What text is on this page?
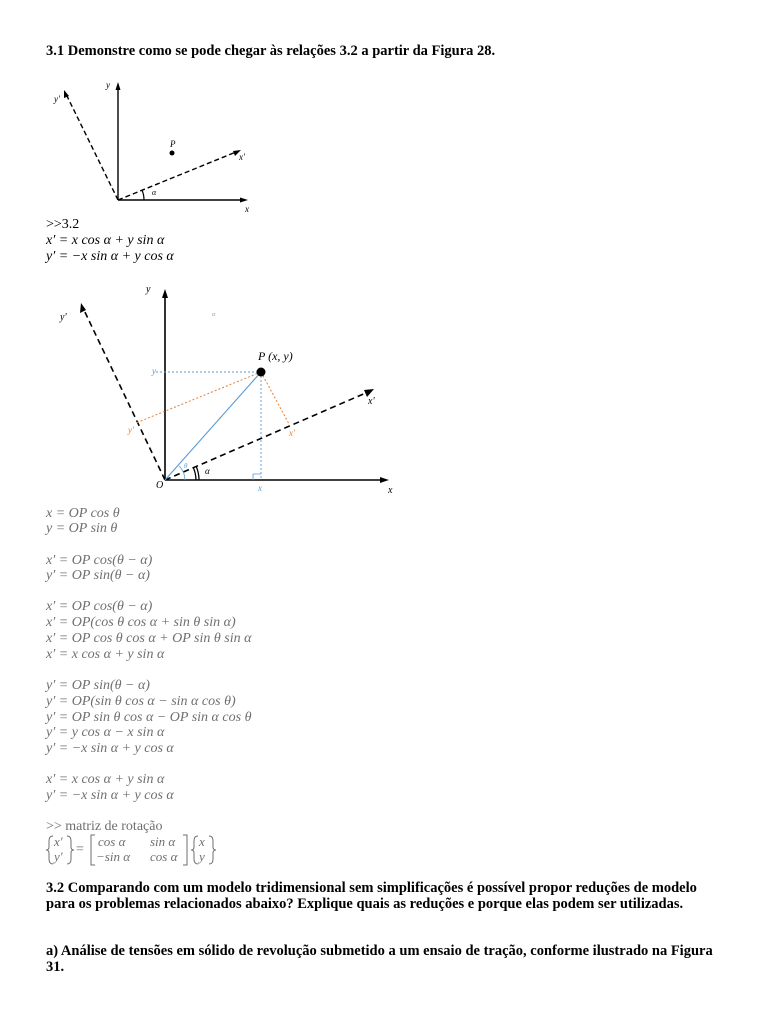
3.1 Demonstre como se pode chegar às relações 3.2 a partir da Figura 28.
y
x
x'
y'
P
α
>>3.2
x′ = x cos α + y sin α
y′ = −x sin α + y cos α
y
x
O
x'
y'
P (x, y)
y
x
α
θ
α
x'
y'
x = OP cos θ
y = OP sin θ
x′ = OP cos(θ − α)
y′ = OP sin(θ − α)
x′ = OP cos(θ − α)
x′ = OP(cos θ cos α + sin θ sin α)
x′ = OP cos θ cos α + OP sin θ sin α
x′ = x cos α + y sin α
y′ = OP sin(θ − α)
y′ = OP(sin θ cos α − sin α cos θ)
y′ = OP sin θ cos α − OP sin α cos θ
y′ = y cos α − x sin α
y′ = −x sin α + y cos α
x′ = x cos α + y sin α
y′ = −x sin α + y cos α
>> matriz de rotação
x′
y′ =
cos α sin α
−sin α cos α
x
y
3.2 Comparando com um modelo tridimensional sem simplificações é possível propor reduções de modelo para os problemas relacionados abaixo? Explique quais as reduções e porque elas podem ser utilizadas.
a) Análise de tensões em sólido de revolução submetido a um ensaio de tração, conforme ilustrado na Figura 31.
